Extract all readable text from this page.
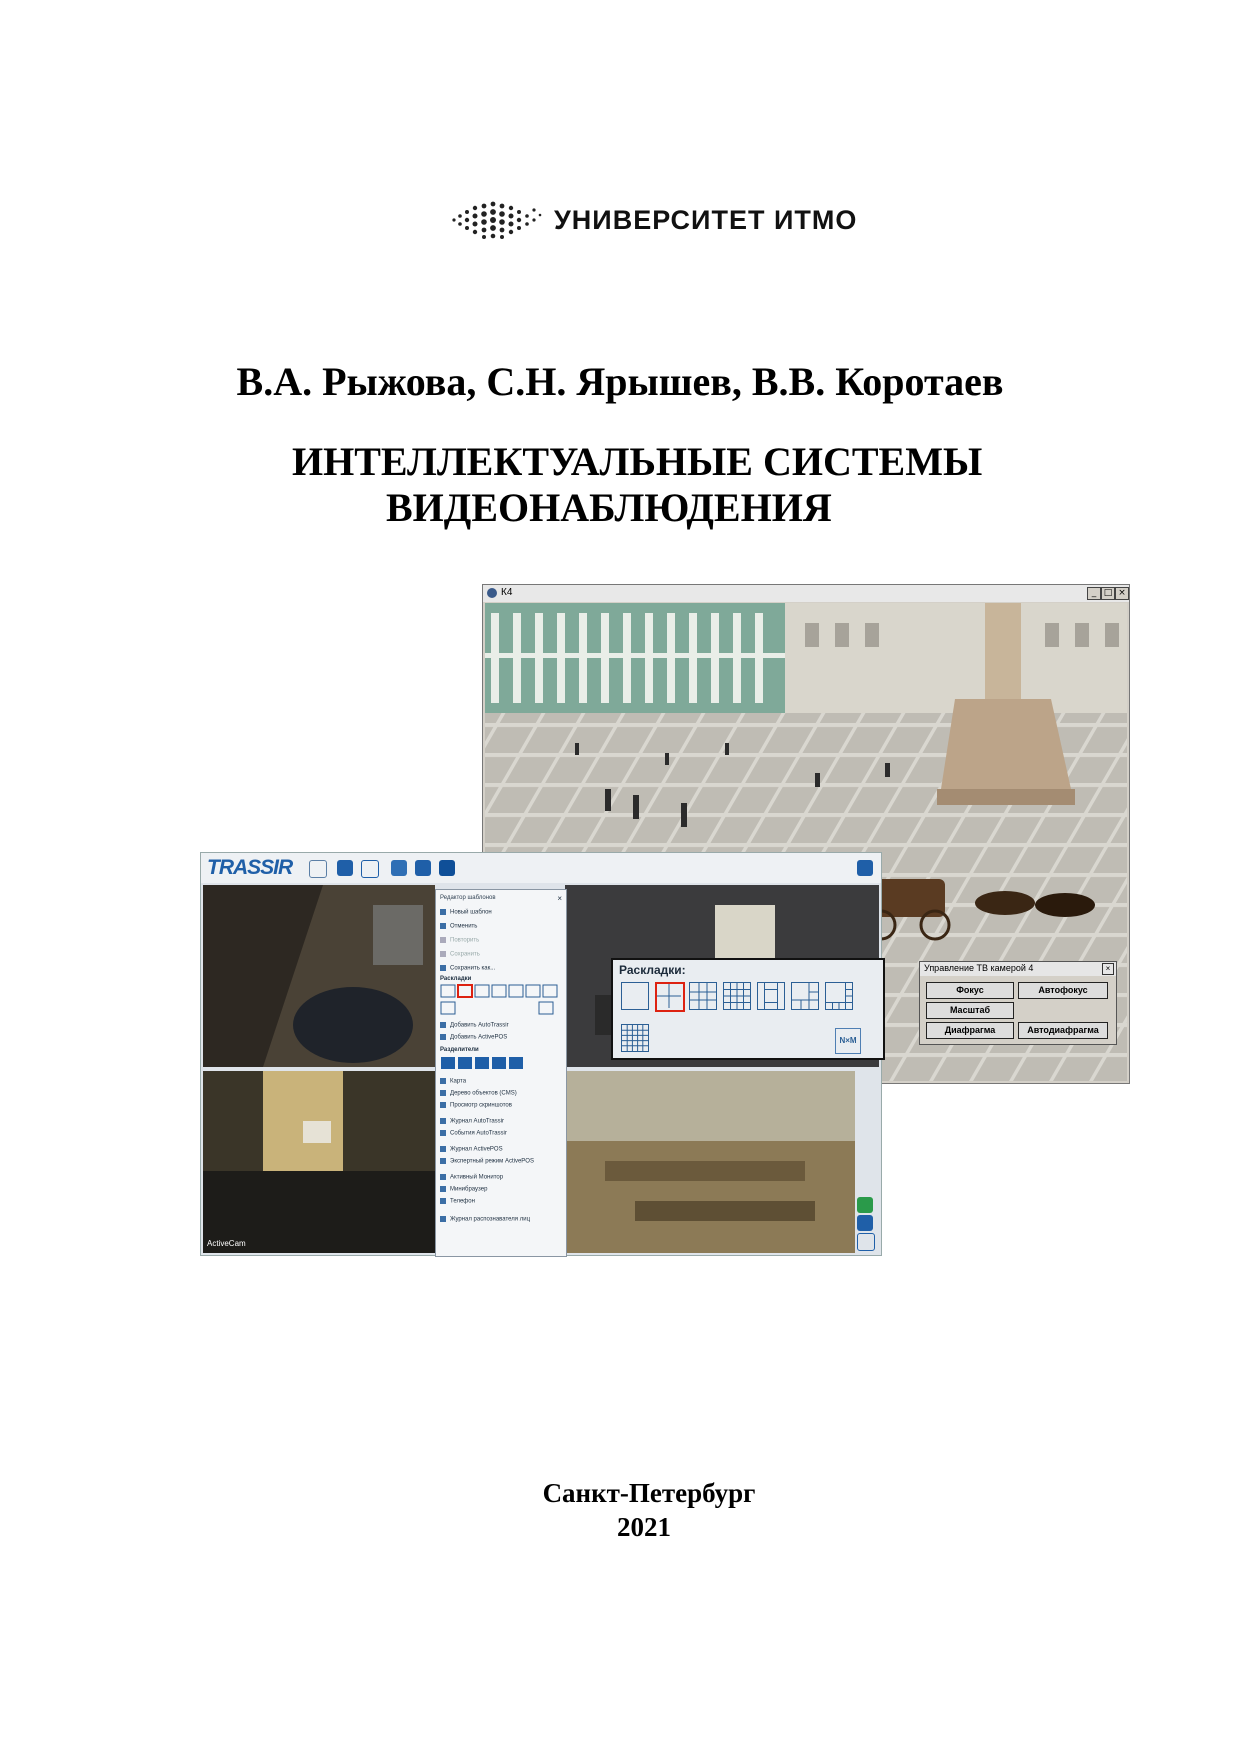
УНИВЕРСИТЕТ ИТМО
В.А. Рыжова, С.Н. Ярышев, В.В. Коротаев
ИНТЕЛЛЕКТУАЛЬНЫЕ СИСТЕМЫ
ВИДЕОНАБЛЮДЕНИЯ
К4	_ □ ×
Управление ТВ камерой 4	×
Фокус	Автофокус
Масштаб
Диафрагма	Автодиафрагма
TRASSIR
ActiveCam
Редактор шаблонов	×
Новый шаблон
Отменить
Повторить
Сохранить
Сохранить как...
Раскладки
Добавить AutoTrassir
Добавить ActivePOS
Разделители
Карта
Дерево объектов (CMS)
Просмотр скриншотов
Журнал AutoTrassir
События AutoTrassir
Журнал ActivePOS
Экспертный режим ActivePOS
Активный Монитор
Минибраузер
Телефон
Журнал распознавателя лиц
Раскладки:
N×M
Санкт-Петербург
2021
